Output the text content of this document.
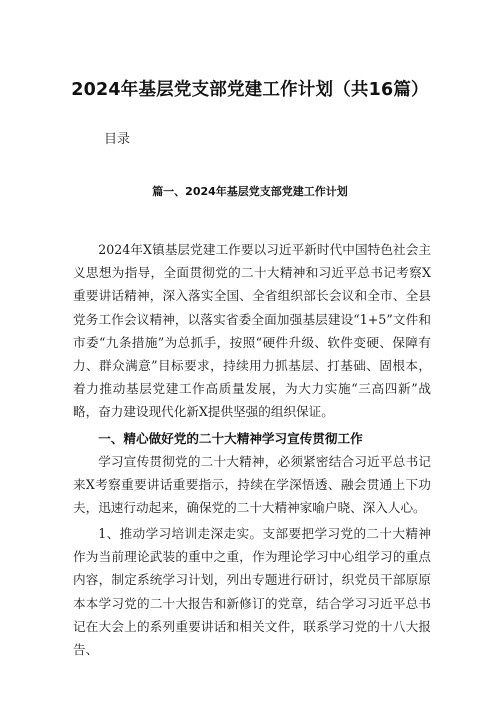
2024年基层党支部党建工作计划（共16篇）
目录
篇一、2024年基层党支部党建工作计划

2024年X镇基层党建工作要以习近平新时代中国特色社会主义思想为指导，全面贯彻党的二十大精神和习近平总书记考察X重要讲话精神，深入落实全国、全省组织部长会议和全市、全县党务工作会议精神，以落实省委全面加强基层建设“1+5”文件和市委“九条措施”为总抓手，按照“硬件升级、软件变硬、保障有力、群众满意”目标要求，持续用力抓基层、打基础、固根本，着力推动基层党建工作高质量发展，为大力实施“三高四新”战略，奋力建设现代化新X提供坚强的组织保证。

一、精心做好党的二十大精神学习宣传贯彻工作

学习宣传贯彻党的二十大精神，必须紧密结合习近平总书记来X考察重要讲话重要指示，持续在学深悟透、融会贯通上下功夫，迅速行动起来，确保党的二十大精神家喻户晓、深入人心。

1、推动学习培训走深走实。支部要把学习党的二十大精神作为当前理论武装的重中之重，作为理论学习中心组学习的重点内容，制定系统学习计划，列出专题进行研讨，织党员干部原原本本学习党的二十大报告和新修订的党章，结合学习习近平总书记在大会上的系列重要讲话和相关文件，联系学习党的十八大报告、
